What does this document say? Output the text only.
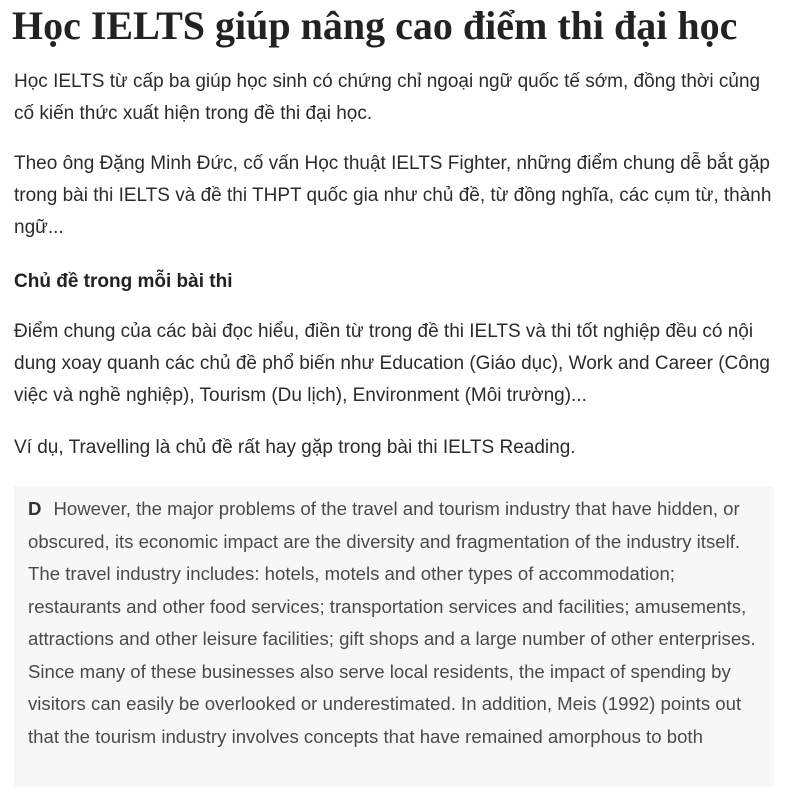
Học IELTS giúp nâng cao điểm thi đại học

Học IELTS từ cấp ba giúp học sinh có chứng chỉ ngoại ngữ quốc tế sớm, đồng thời củng cố kiến thức xuất hiện trong đề thi đại học.

Theo ông Đặng Minh Đức, cố vấn Học thuật IELTS Fighter, những điểm chung dễ bắt gặp trong bài thi IELTS và đề thi THPT quốc gia như chủ đề, từ đồng nghĩa, các cụm từ, thành ngữ...

Chủ đề trong mỗi bài thi

Điểm chung của các bài đọc hiểu, điền từ trong đề thi IELTS và thi tốt nghiệp đều có nội dung xoay quanh các chủ đề phổ biến như Education (Giáo dục), Work and Career (Công việc và nghề nghiệp), Tourism (Du lịch), Environment (Môi trường)...

Ví dụ, Travelling là chủ đề rất hay gặp trong bài thi IELTS Reading.

D However, the major problems of the travel and tourism industry that have hidden, or obscured, its economic impact are the diversity and fragmentation of the industry itself. The travel industry includes: hotels, motels and other types of accommodation; restaurants and other food services; transportation services and facilities; amusements, attractions and other leisure facilities; gift shops and a large number of other enterprises. Since many of these businesses also serve local residents, the impact of spending by visitors can easily be overlooked or underestimated. In addition, Meis (1992) points out that the tourism industry involves concepts that have remained amorphous to both
